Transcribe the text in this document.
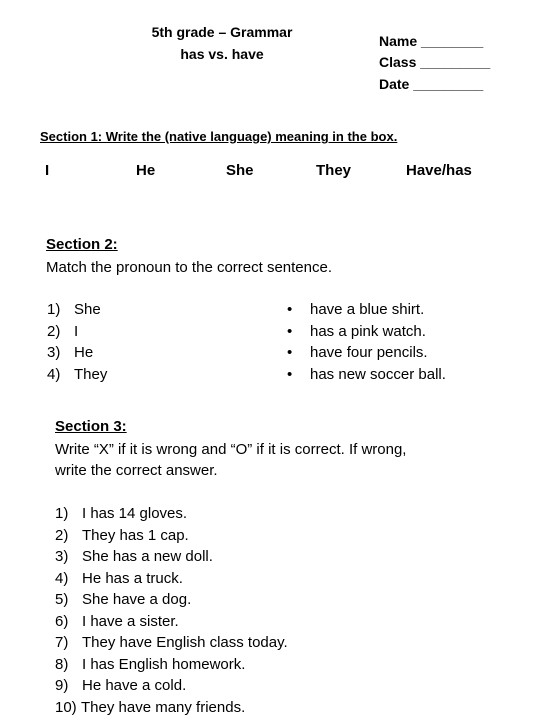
5th grade – Grammar
has vs. have
Name ________
Class _________
Date _________
Section 1: Write the (native language) meaning in the box.
I	He	She	They	Have/has
Section 2:
Match the pronoun to the correct sentence.
1) She
2) I
3) He
4) They
• have a blue shirt.
• has a pink watch.
• have four pencils.
• has new soccer ball.
Section 3:
Write “X” if it is wrong and “O” if it is correct. If wrong,
write the correct answer.
1) I has 14 gloves.
2) They has 1 cap.
3) She has a new doll.
4) He has a truck.
5) She have a dog.
6) I have a sister.
7) They have English class today.
8) I has English homework.
9) He have a cold.
10) They have many friends.
